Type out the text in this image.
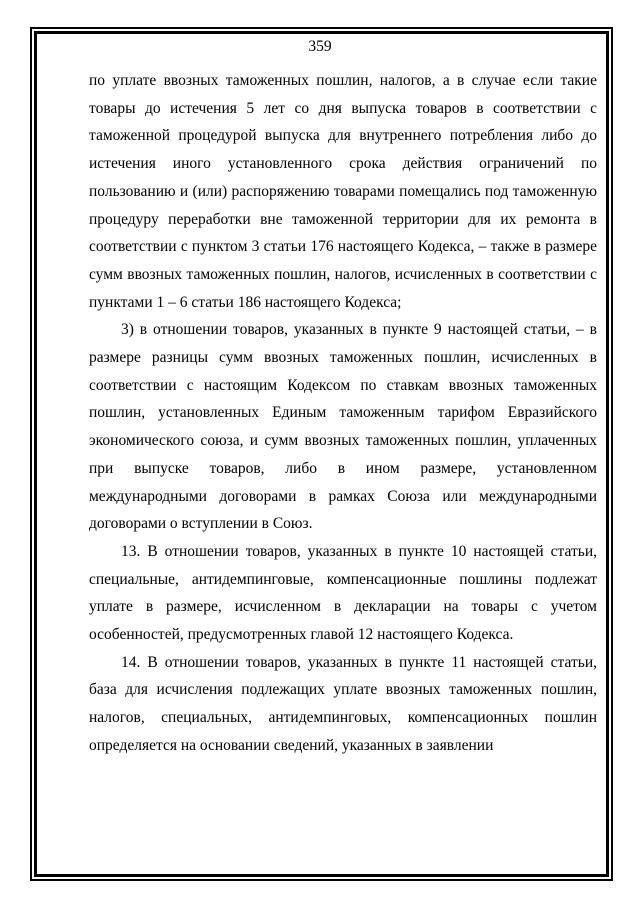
359

по уплате ввозных таможенных пошлин, налогов, а в случае если такие товары до истечения 5 лет со дня выпуска товаров в соответствии с таможенной процедурой выпуска для внутреннего потребления либо до истечения иного установленного срока действия ограничений по пользованию и (или) распоряжению товарами помещались под таможенную процедуру переработки вне таможенной территории для их ремонта в соответствии с пунктом 3 статьи 176 настоящего Кодекса, – также в размере сумм ввозных таможенных пошлин, налогов, исчисленных в соответствии с пунктами 1 – 6 статьи 186 настоящего Кодекса;

3) в отношении товаров, указанных в пункте 9 настоящей статьи, – в размере разницы сумм ввозных таможенных пошлин, исчисленных в соответствии с настоящим Кодексом по ставкам ввозных таможенных пошлин, установленных Единым таможенным тарифом Евразийского экономического союза, и сумм ввозных таможенных пошлин, уплаченных при выпуске товаров, либо в ином размере, установленном международными договорами в рамках Союза или международными договорами о вступлении в Союз.

13. В отношении товаров, указанных в пункте 10 настоящей статьи, специальные, антидемпинговые, компенсационные пошлины подлежат уплате в размере, исчисленном в декларации на товары с учетом особенностей, предусмотренных главой 12 настоящего Кодекса.

14. В отношении товаров, указанных в пункте 11 настоящей статьи, база для исчисления подлежащих уплате ввозных таможенных пошлин, налогов, специальных, антидемпинговых, компенсационных пошлин определяется на основании сведений, указанных в заявлении
